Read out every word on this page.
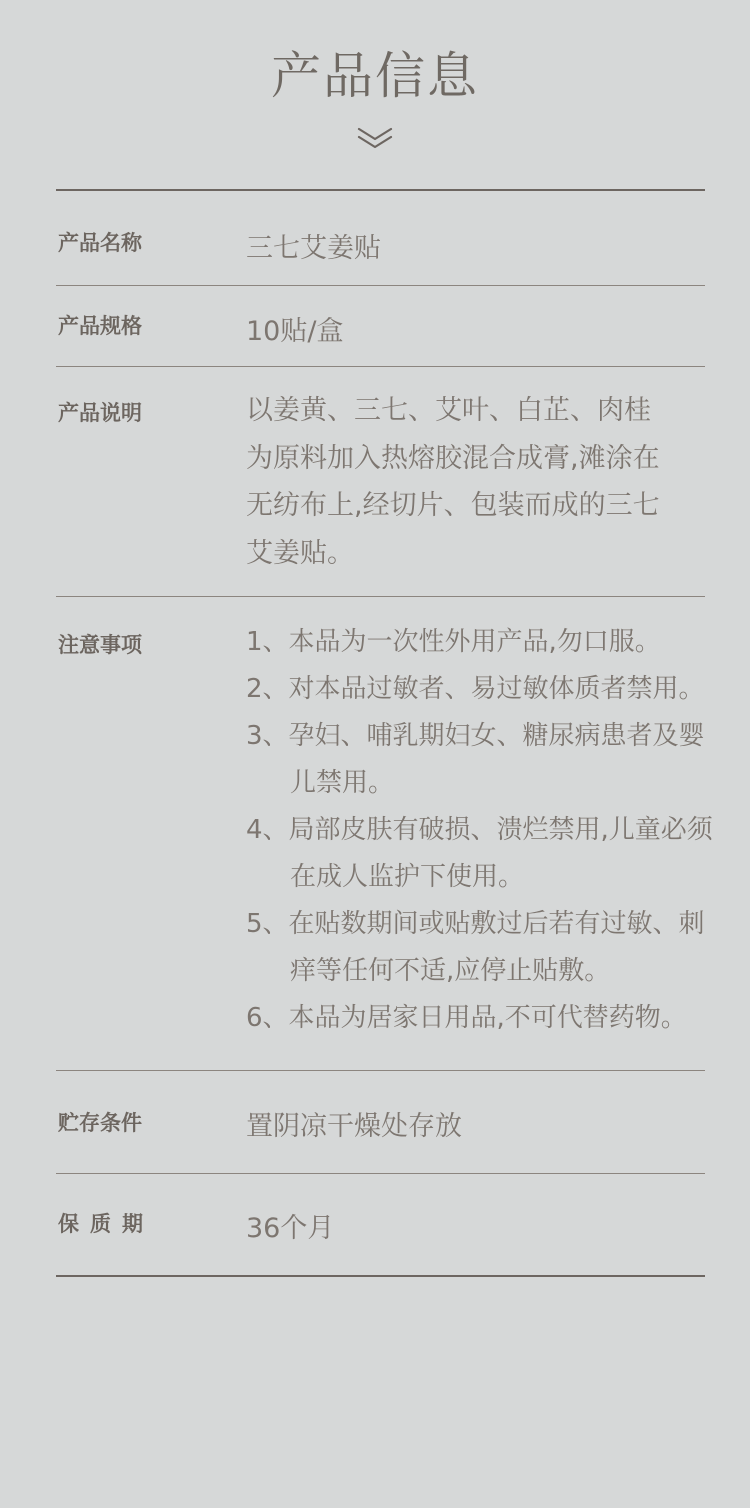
产品信息
产品名称	三七艾姜贴
产品规格	10贴/盒
产品说明	以姜黄、三七、艾叶、白芷、肉桂
为原料加入热熔胶混合成膏,滩涂在
无纺布上,经切片、包装而成的三七
艾姜贴。
注意事项	1、本品为一次性外用产品,勿口服。
2、对本品过敏者、易过敏体质者禁用。
3、孕妇、哺乳期妇女、糖尿病患者及婴儿禁用。
4、局部皮肤有破损、溃烂禁用,儿童必须在成人监护下使用。
5、在贴数期间或贴敷过后若有过敏、刺痒等任何不适,应停止贴敷。
6、本品为居家日用品,不可代替药物。
贮存条件	置阴凉干燥处存放
保质期	36个月
